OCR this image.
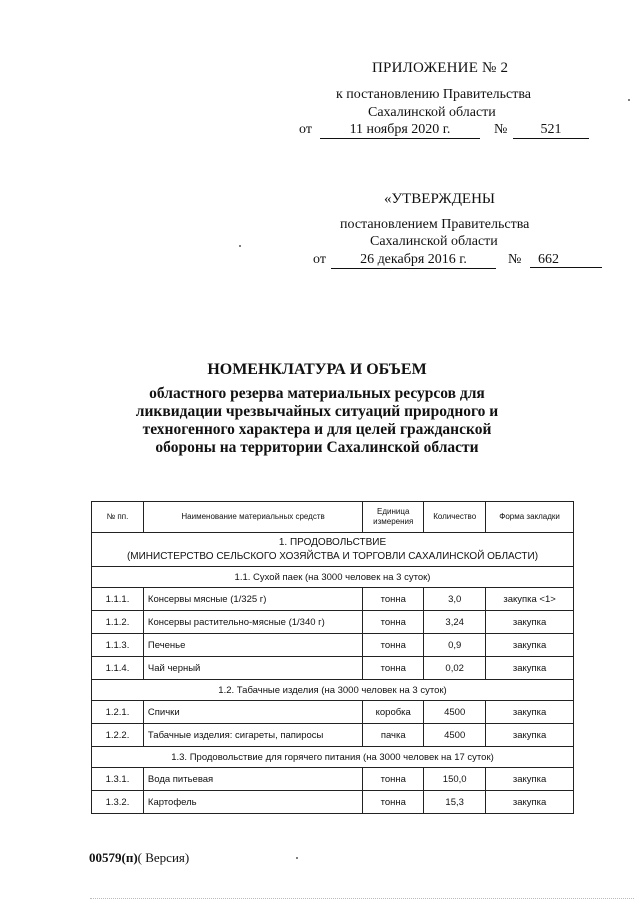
ПРИЛОЖЕНИЕ № 2
к постановлению Правительства
Сахалинской области
от	11 ноября 2020 г.	№	521
«УТВЕРЖДЕНЫ
постановлением Правительства
Сахалинской области
от	26 декабря 2016 г.	№	662
НОМЕНКЛАТУРА И ОБЪЕМ
областного резерва материальных ресурсов для
ликвидации чрезвычайных ситуаций природного и
техногенного характера и для целей гражданской
обороны на территории Сахалинской области
№ пп.	Наименование материальных средств	Единица измерения	Количество	Форма закладки

1. ПРОДОВОЛЬСТВИЕ
(МИНИСТЕРСТВО СЕЛЬСКОГО ХОЗЯЙСТВА И ТОРГОВЛИ САХАЛИНСКОЙ ОБЛАСТИ)				

1.1. Сухой паек (на 3000 человек на 3 суток)				
1.1.1.	Консервы мясные (1/325 г)	тонна	3,0	закупка <1>
1.1.2.	Консервы растительно-мясные (1/340 г)	тонна	3,24	закупка
1.1.3.	Печенье	тонна	0,9	закупка
1.1.4.	Чай черный	тонна	0,02	закупка
1.2. Табачные изделия (на 3000 человек на 3 суток)				
1.2.1.	Спички	коробка	4500	закупка
1.2.2.	Табачные изделия: сигареты, папиросы	пачка	4500	закупка
1.3. Продовольствие для горячего питания (на 3000 человек на 17 суток)				
1.3.1.	Вода питьевая	тонна	150,0	закупка
1.3.2.	Картофель	тонна	15,3	закупка
00579(п)( Версия)
